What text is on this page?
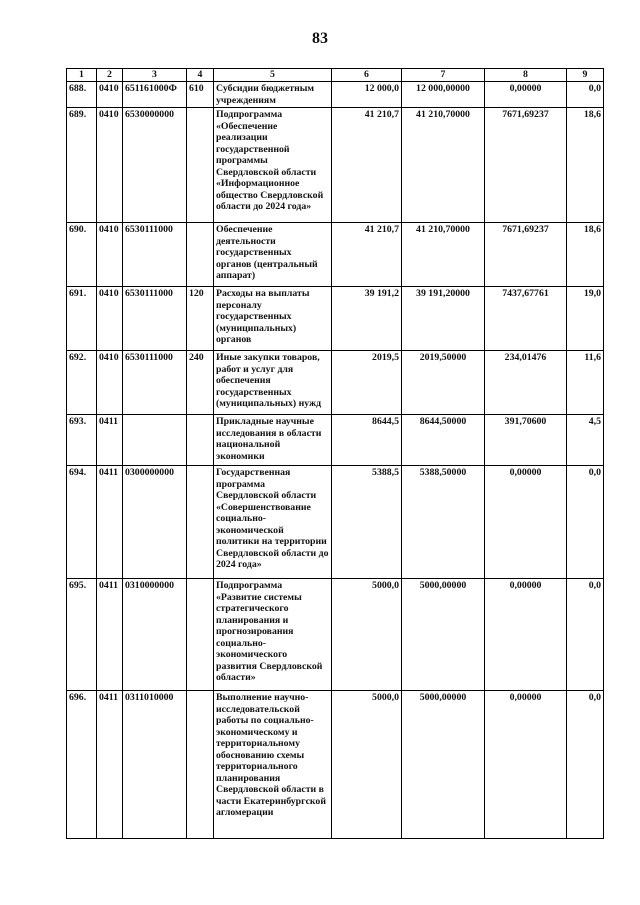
83
1	2	3	4	5	6	7	8	9
688.	0410	651161000Ф	610	Субсидии бюджетным учреждениям	12 000,0	12 000,00000	0,00000	0,0
689.	0410	6530000000		Подпрограмма «Обеспечение реализации государственной программы Свердловской области «Информационное общество Свердловской области до 2024 года»	41 210,7	41 210,70000	7671,69237	18,6
690.	0410	6530111000		Обеспечение деятельности государственных органов (центральный аппарат)	41 210,7	41 210,70000	7671,69237	18,6
691.	0410	6530111000	120	Расходы на выплаты персоналу государственных (муниципальных) органов	39 191,2	39 191,20000	7437,67761	19,0
692.	0410	6530111000	240	Иные закупки товаров, работ и услуг для обеспечения государственных (муниципальных) нужд	2019,5	2019,50000	234,01476	11,6
693.	0411			Прикладные научные исследования в области национальной экономики	8644,5	8644,50000	391,70600	4,5
694.	0411	0300000000		Государственная программа Свердловской области «Совершенствование социально-экономической политики на территории Свердловской области до 2024 года»	5388,5	5388,50000	0,00000	0,0
695.	0411	0310000000		Подпрограмма «Развитие системы стратегического планирования и прогнозирования социально-экономического развития Свердловской области»	5000,0	5000,00000	0,00000	0,0
696.	0411	0311010000		Выполнение научно-исследовательской работы по социально-экономическому и территориальному обоснованию схемы территориального планирования Свердловской области в части Екатеринбургской агломерации	5000,0	5000,00000	0,00000	0,0
